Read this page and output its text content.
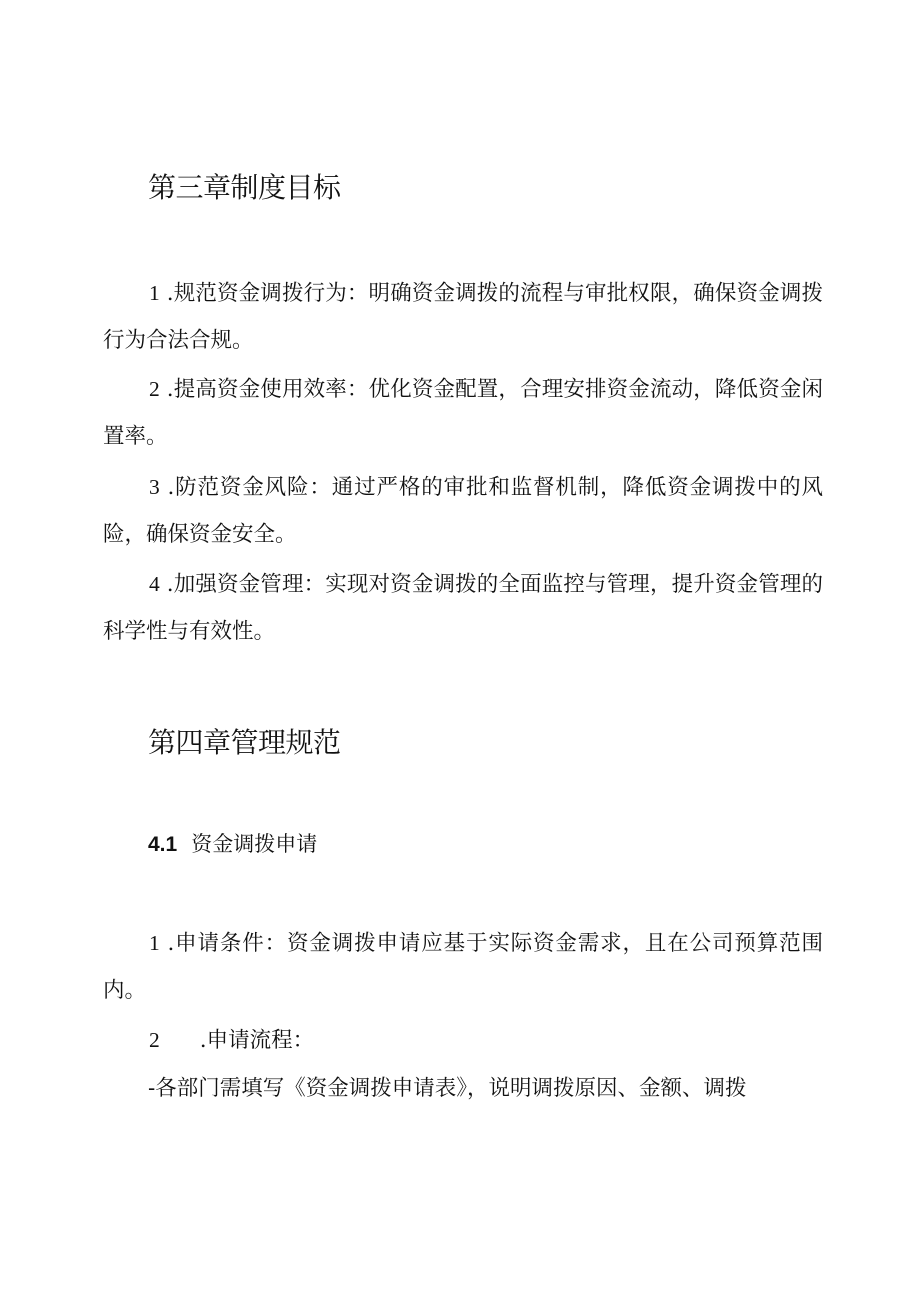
第三章制度目标

1 .规范资金调拨行为：明确资金调拨的流程与审批权限，确保资金调拨行为合法合规。

2 .提高资金使用效率：优化资金配置，合理安排资金流动，降低资金闲置率。

3 .防范资金风险：通过严格的审批和监督机制，降低资金调拨中的风险，确保资金安全。

4 .加强资金管理：实现对资金调拨的全面监控与管理，提升资金管理的科学性与有效性。

第四章管理规范
4.1 资金调拨申请

1 .申请条件：资金调拨申请应基于实际资金需求，且在公司预算范围内。

2 .申请流程：

-各部门需填写《资金调拨申请表》，说明调拨原因、金额、调拨
